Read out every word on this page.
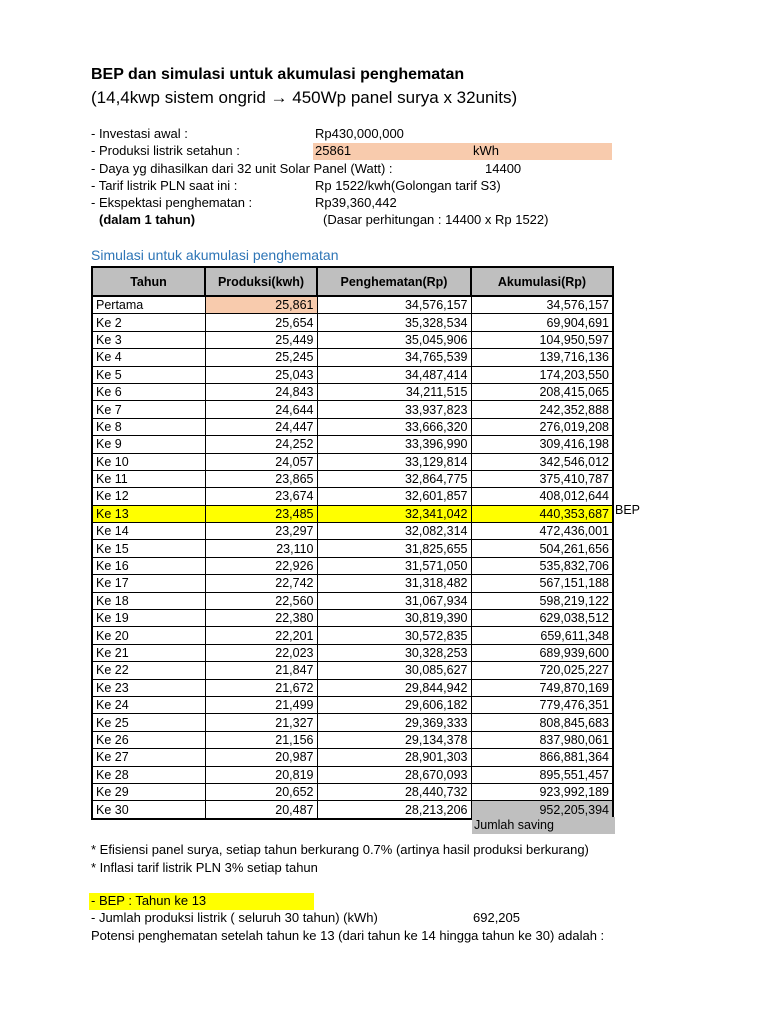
BEP dan simulasi untuk akumulasi penghematan
(14,4kwp sistem ongrid → 450Wp panel surya x 32units)
- Investasi awal :	Rp430,000,000
- Produksi listrik setahun :	25861	kWh
- Daya yg dihasilkan dari 32 unit Solar Panel (Watt) :	14400
- Tarif listrik PLN saat ini :	Rp 1522/kwh(Golongan tarif S3)
- Ekspektasi penghematan :	Rp39,360,442
(dalam 1 tahun)	(Dasar perhitungan : 14400 x Rp 1522)
Simulasi untuk akumulasi penghematan
Tahun	Produksi(kwh)	Penghematan(Rp)	Akumulasi(Rp)
Pertama	25,861	34,576,157	34,576,157
Ke 2	25,654	35,328,534	69,904,691
Ke 3	25,449	35,045,906	104,950,597
Ke 4	25,245	34,765,539	139,716,136
Ke 5	25,043	34,487,414	174,203,550
Ke 6	24,843	34,211,515	208,415,065
Ke 7	24,644	33,937,823	242,352,888
Ke 8	24,447	33,666,320	276,019,208
Ke 9	24,252	33,396,990	309,416,198
Ke 10	24,057	33,129,814	342,546,012
Ke 11	23,865	32,864,775	375,410,787
Ke 12	23,674	32,601,857	408,012,644
Ke 13	23,485	32,341,042	440,353,687
Ke 14	23,297	32,082,314	472,436,001
Ke 15	23,110	31,825,655	504,261,656
Ke 16	22,926	31,571,050	535,832,706
Ke 17	22,742	31,318,482	567,151,188
Ke 18	22,560	31,067,934	598,219,122
Ke 19	22,380	30,819,390	629,038,512
Ke 20	22,201	30,572,835	659,611,348
Ke 21	22,023	30,328,253	689,939,600
Ke 22	21,847	30,085,627	720,025,227
Ke 23	21,672	29,844,942	749,870,169
Ke 24	21,499	29,606,182	779,476,351
Ke 25	21,327	29,369,333	808,845,683
Ke 26	21,156	29,134,378	837,980,061
Ke 27	20,987	28,901,303	866,881,364
Ke 28	20,819	28,670,093	895,551,457
Ke 29	20,652	28,440,732	923,992,189
Ke 30	20,487	28,213,206	952,205,394
BEP
Jumlah saving
* Efisiensi panel surya, setiap tahun berkurang 0.7% (artinya hasil produksi berkurang)
* Inflasi tarif listrik PLN 3% setiap tahun
- BEP : Tahun ke 13
- Jumlah produksi listrik ( seluruh 30 tahun) (kWh)	692,205
Potensi penghematan setelah tahun ke 13 (dari tahun ke 14 hingga tahun ke 30) adalah :
